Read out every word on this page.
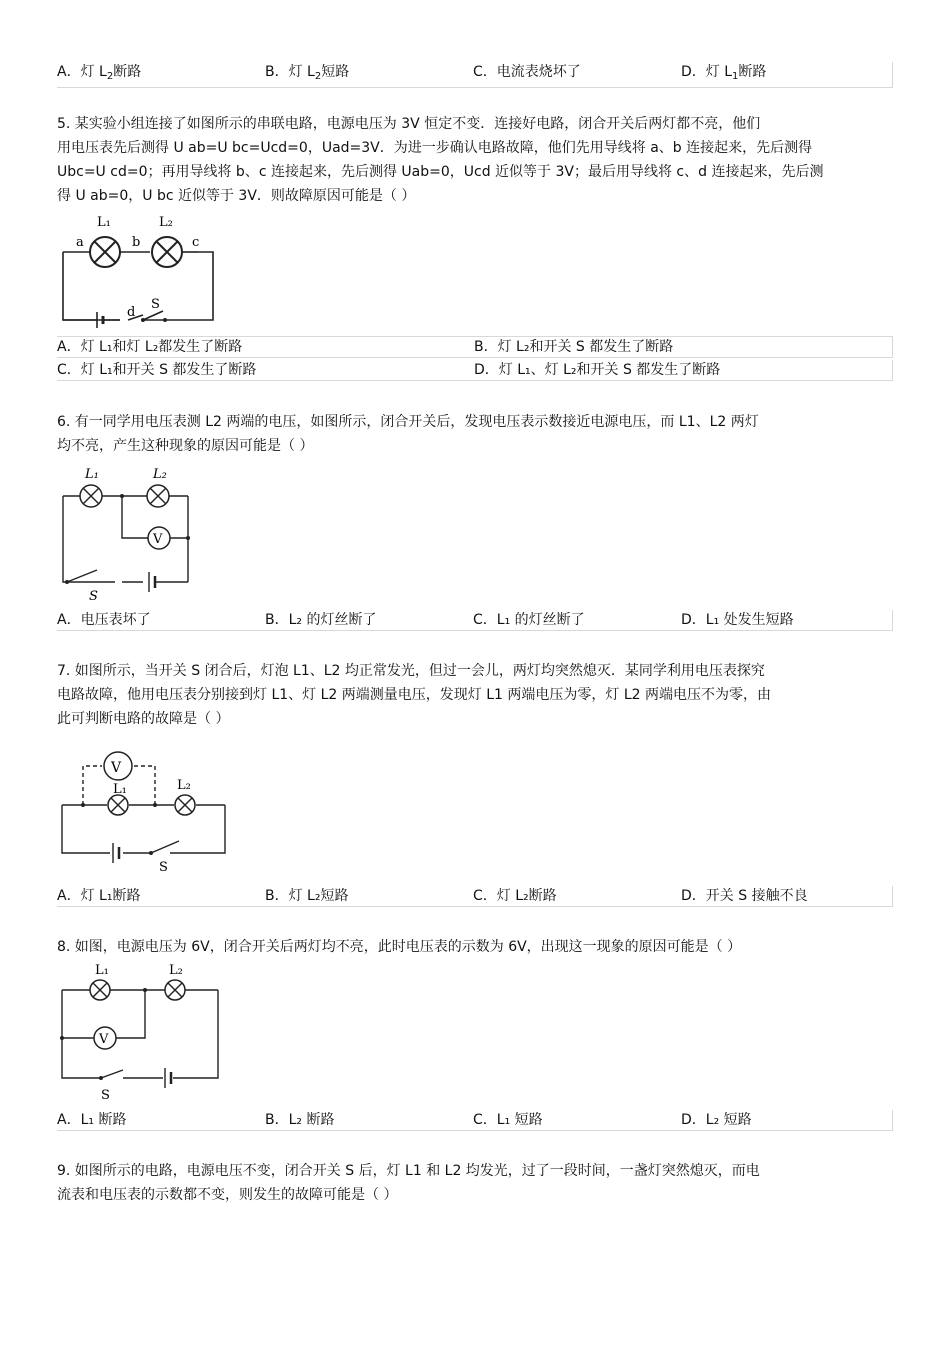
A．灯 $L_2$断路	B．灯 $L_2$短路	C．电流表烧坏了	D．灯 $L_1$断路
5. 某实验小组连接了如图所示的串联电路，电源电压为 3V 恒定不变．连接好电路，闭合开关后两灯都不亮，他们
用电压表先后测得 U ab=U bc=Ucd=0，Uad=3V．为进一步确认电路故障，他们先用导线将 a、b 连接起来，先后测得
Ubc=U cd=0；再用导线将 b、c 连接起来，先后测得 Uab=0，Ucd 近似等于 3V；最后用导线将 c、d 连接起来，先后测
得 U ab=0，U bc 近似等于 3V．则故障原因可能是（ ）
L₁	L₂
a	b	c
d
S
A．灯 L₁和灯 L₂都发生了断路	B．灯 L₂和开关 S 都发生了断路
C．灯 L₁和开关 S 都发生了断路	D．灯 L₁、灯 L₂和开关 S 都发生了断路
6. 有一同学用电压表测 L2 两端的电压，如图所示，闭合开关后，发现电压表示数接近电源电压，而 L1、L2 两灯
均不亮，产生这种现象的原因可能是（ ）
V
L₁	L₂
S
A．电压表坏了	B．L₂ 的灯丝断了	C．L₁ 的灯丝断了	D．L₁ 处发生短路
7. 如图所示，当开关 S 闭合后，灯泡 L1、L2 均正常发光，但过一会儿，两灯均突然熄灭．某同学利用电压表探究
电路故障，他用电压表分别接到灯 L1、灯 L2 两端测量电压，发现灯 L1 两端电压为零，灯 L2 两端电压不为零，由
此可判断电路的故障是（ ）
V
L₁	L₂
S
A．灯 L₁断路	B．灯 L₂短路	C．灯 L₂断路	D．开关 S 接触不良
8. 如图，电源电压为 6V，闭合开关后两灯均不亮，此时电压表的示数为 6V，出现这一现象的原因可能是（ ）
V
L₁	L₂
S
A．L₁ 断路	B．L₂ 断路	C．L₁ 短路	D．L₂ 短路
9. 如图所示的电路，电源电压不变，闭合开关 S 后，灯 L1 和 L2 均发光，过了一段时间，一盏灯突然熄灭，而电
流表和电压表的示数都不变，则发生的故障可能是（ ）
